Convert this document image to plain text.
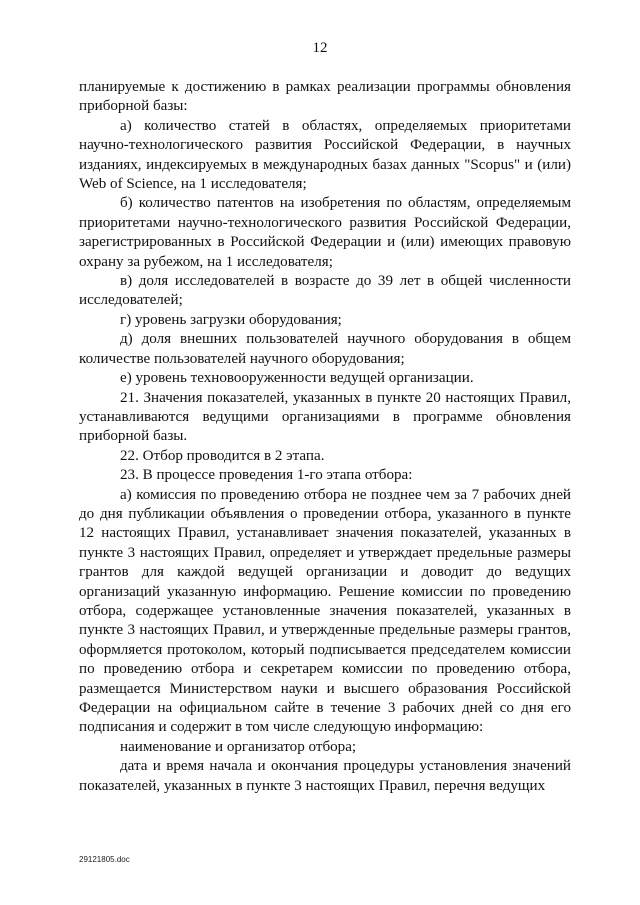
12

планируемые к достижению в рамках реализации программы обновления приборной базы:

а) количество статей в областях, определяемых приоритетами научно-технологического развития Российской Федерации, в научных изданиях, индексируемых в международных базах данных "Scopus" и (или) Web of Science, на 1 исследователя;

б) количество патентов на изобретения по областям, определяемым приоритетами научно-технологического развития Российской Федерации, зарегистрированных в Российской Федерации и (или) имеющих правовую охрану за рубежом, на 1 исследователя;

в) доля исследователей в возрасте до 39 лет в общей численности исследователей;

г) уровень загрузки оборудования;

д) доля внешних пользователей научного оборудования в общем количестве пользователей научного оборудования;

е) уровень техновооруженности ведущей организации.

21. Значения показателей, указанных в пункте 20 настоящих Правил, устанавливаются ведущими организациями в программе обновления приборной базы.

22. Отбор проводится в 2 этапа.

23. В процессе проведения 1-го этапа отбора:

а) комиссия по проведению отбора не позднее чем за 7 рабочих дней до дня публикации объявления о проведении отбора, указанного в пункте 12 настоящих Правил, устанавливает значения показателей, указанных в пункте 3 настоящих Правил, определяет и утверждает предельные размеры грантов для каждой ведущей организации и доводит до ведущих организаций указанную информацию. Решение комиссии по проведению отбора, содержащее установленные значения показателей, указанных в пункте 3 настоящих Правил, и утвержденные предельные размеры грантов, оформляется протоколом, который подписывается председателем комиссии по проведению отбора и секретарем комиссии по проведению отбора, размещается Министерством науки и высшего образования Российской Федерации на официальном сайте в течение 3 рабочих дней со дня его подписания и содержит в том числе следующую информацию:

наименование и организатор отбора;

дата и время начала и окончания процедуры установления значений показателей, указанных в пункте 3 настоящих Правил, перечня ведущих

29121805.doc
